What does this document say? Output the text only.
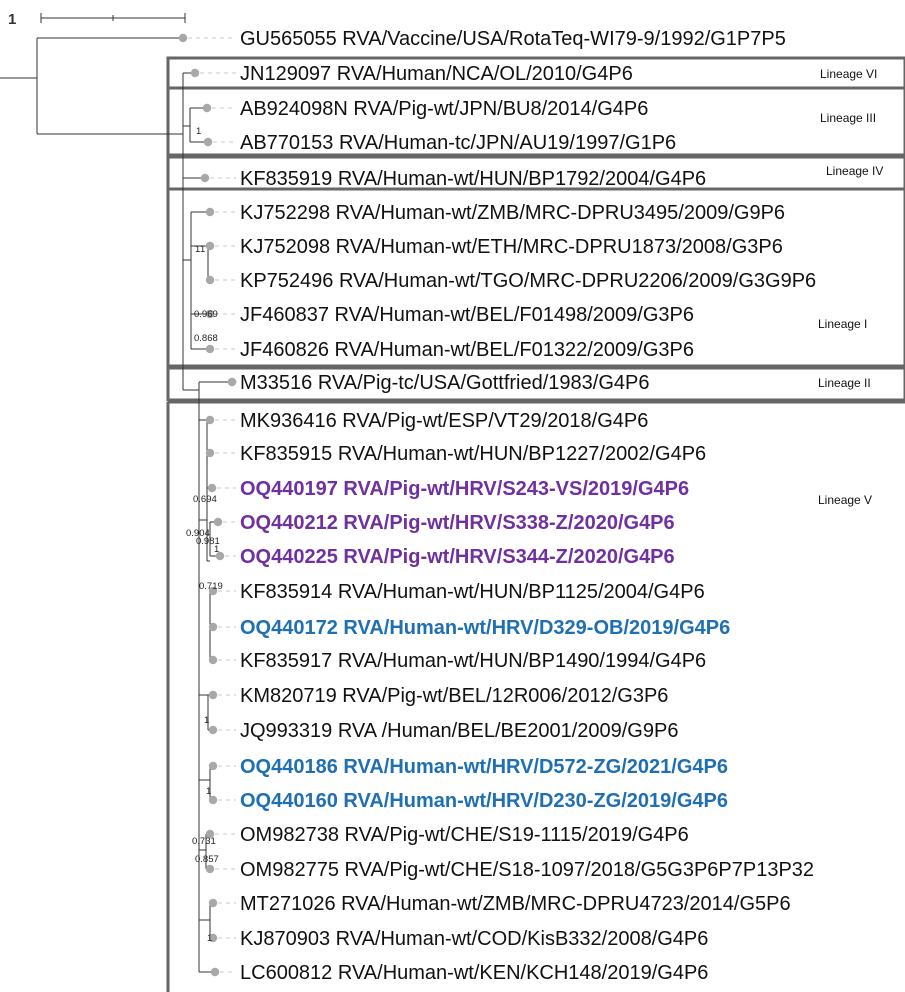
1
GU565055 RVA/Vaccine/USA/RotaTeq-WI79-9/1992/G1P7P5
JN129097 RVA/Human/NCA/OL/2010/G4P6
AB924098N RVA/Pig-wt/JPN/BU8/2014/G4P6
AB770153 RVA/Human-tc/JPN/AU19/1997/G1P6
KF835919 RVA/Human-wt/HUN/BP1792/2004/G4P6
KJ752298 RVA/Human-wt/ZMB/MRC-DPRU3495/2009/G9P6
KJ752098 RVA/Human-wt/ETH/MRC-DPRU1873/2008/G3P6
KP752496 RVA/Human-wt/TGO/MRC-DPRU2206/2009/G3G9P6
JF460837 RVA/Human-wt/BEL/F01498/2009/G3P6
JF460826 RVA/Human-wt/BEL/F01322/2009/G3P6
M33516 RVA/Pig-tc/USA/Gottfried/1983/G4P6
MK936416 RVA/Pig-wt/ESP/VT29/2018/G4P6
KF835915 RVA/Human-wt/HUN/BP1227/2002/G4P6
OQ440197 RVA/Pig-wt/HRV/S243-VS/2019/G4P6
OQ440212 RVA/Pig-wt/HRV/S338-Z/2020/G4P6
OQ440225 RVA/Pig-wt/HRV/S344-Z/2020/G4P6
KF835914 RVA/Human-wt/HUN/BP1125/2004/G4P6
OQ440172 RVA/Human-wt/HRV/D329-OB/2019/G4P6
KF835917 RVA/Human-wt/HUN/BP1490/1994/G4P6
KM820719 RVA/Pig-wt/BEL/12R006/2012/G3P6
JQ993319 RVA /Human/BEL/BE2001/2009/G9P6
OQ440186 RVA/Human-wt/HRV/D572-ZG/2021/G4P6
OQ440160 RVA/Human-wt/HRV/D230-ZG/2019/G4P6
OM982738 RVA/Pig-wt/CHE/S19-1115/2019/G4P6
OM982775 RVA/Pig-wt/CHE/S18-1097/2018/G5G3P6P7P13P32
MT271026 RVA/Human-wt/ZMB/MRC-DPRU4723/2014/G5P6
KJ870903 RVA/Human-wt/COD/KisB332/2008/G4P6
LC600812 RVA/Human-wt/KEN/KCH148/2019/G4P6
Lineage VI
Lineage III
Lineage IV
Lineage I
Lineage II
Lineage V
1
1 1
0.969
0.868
0.694
0.904
0.981
1
0.719
1
1
0.731
0.857
1
